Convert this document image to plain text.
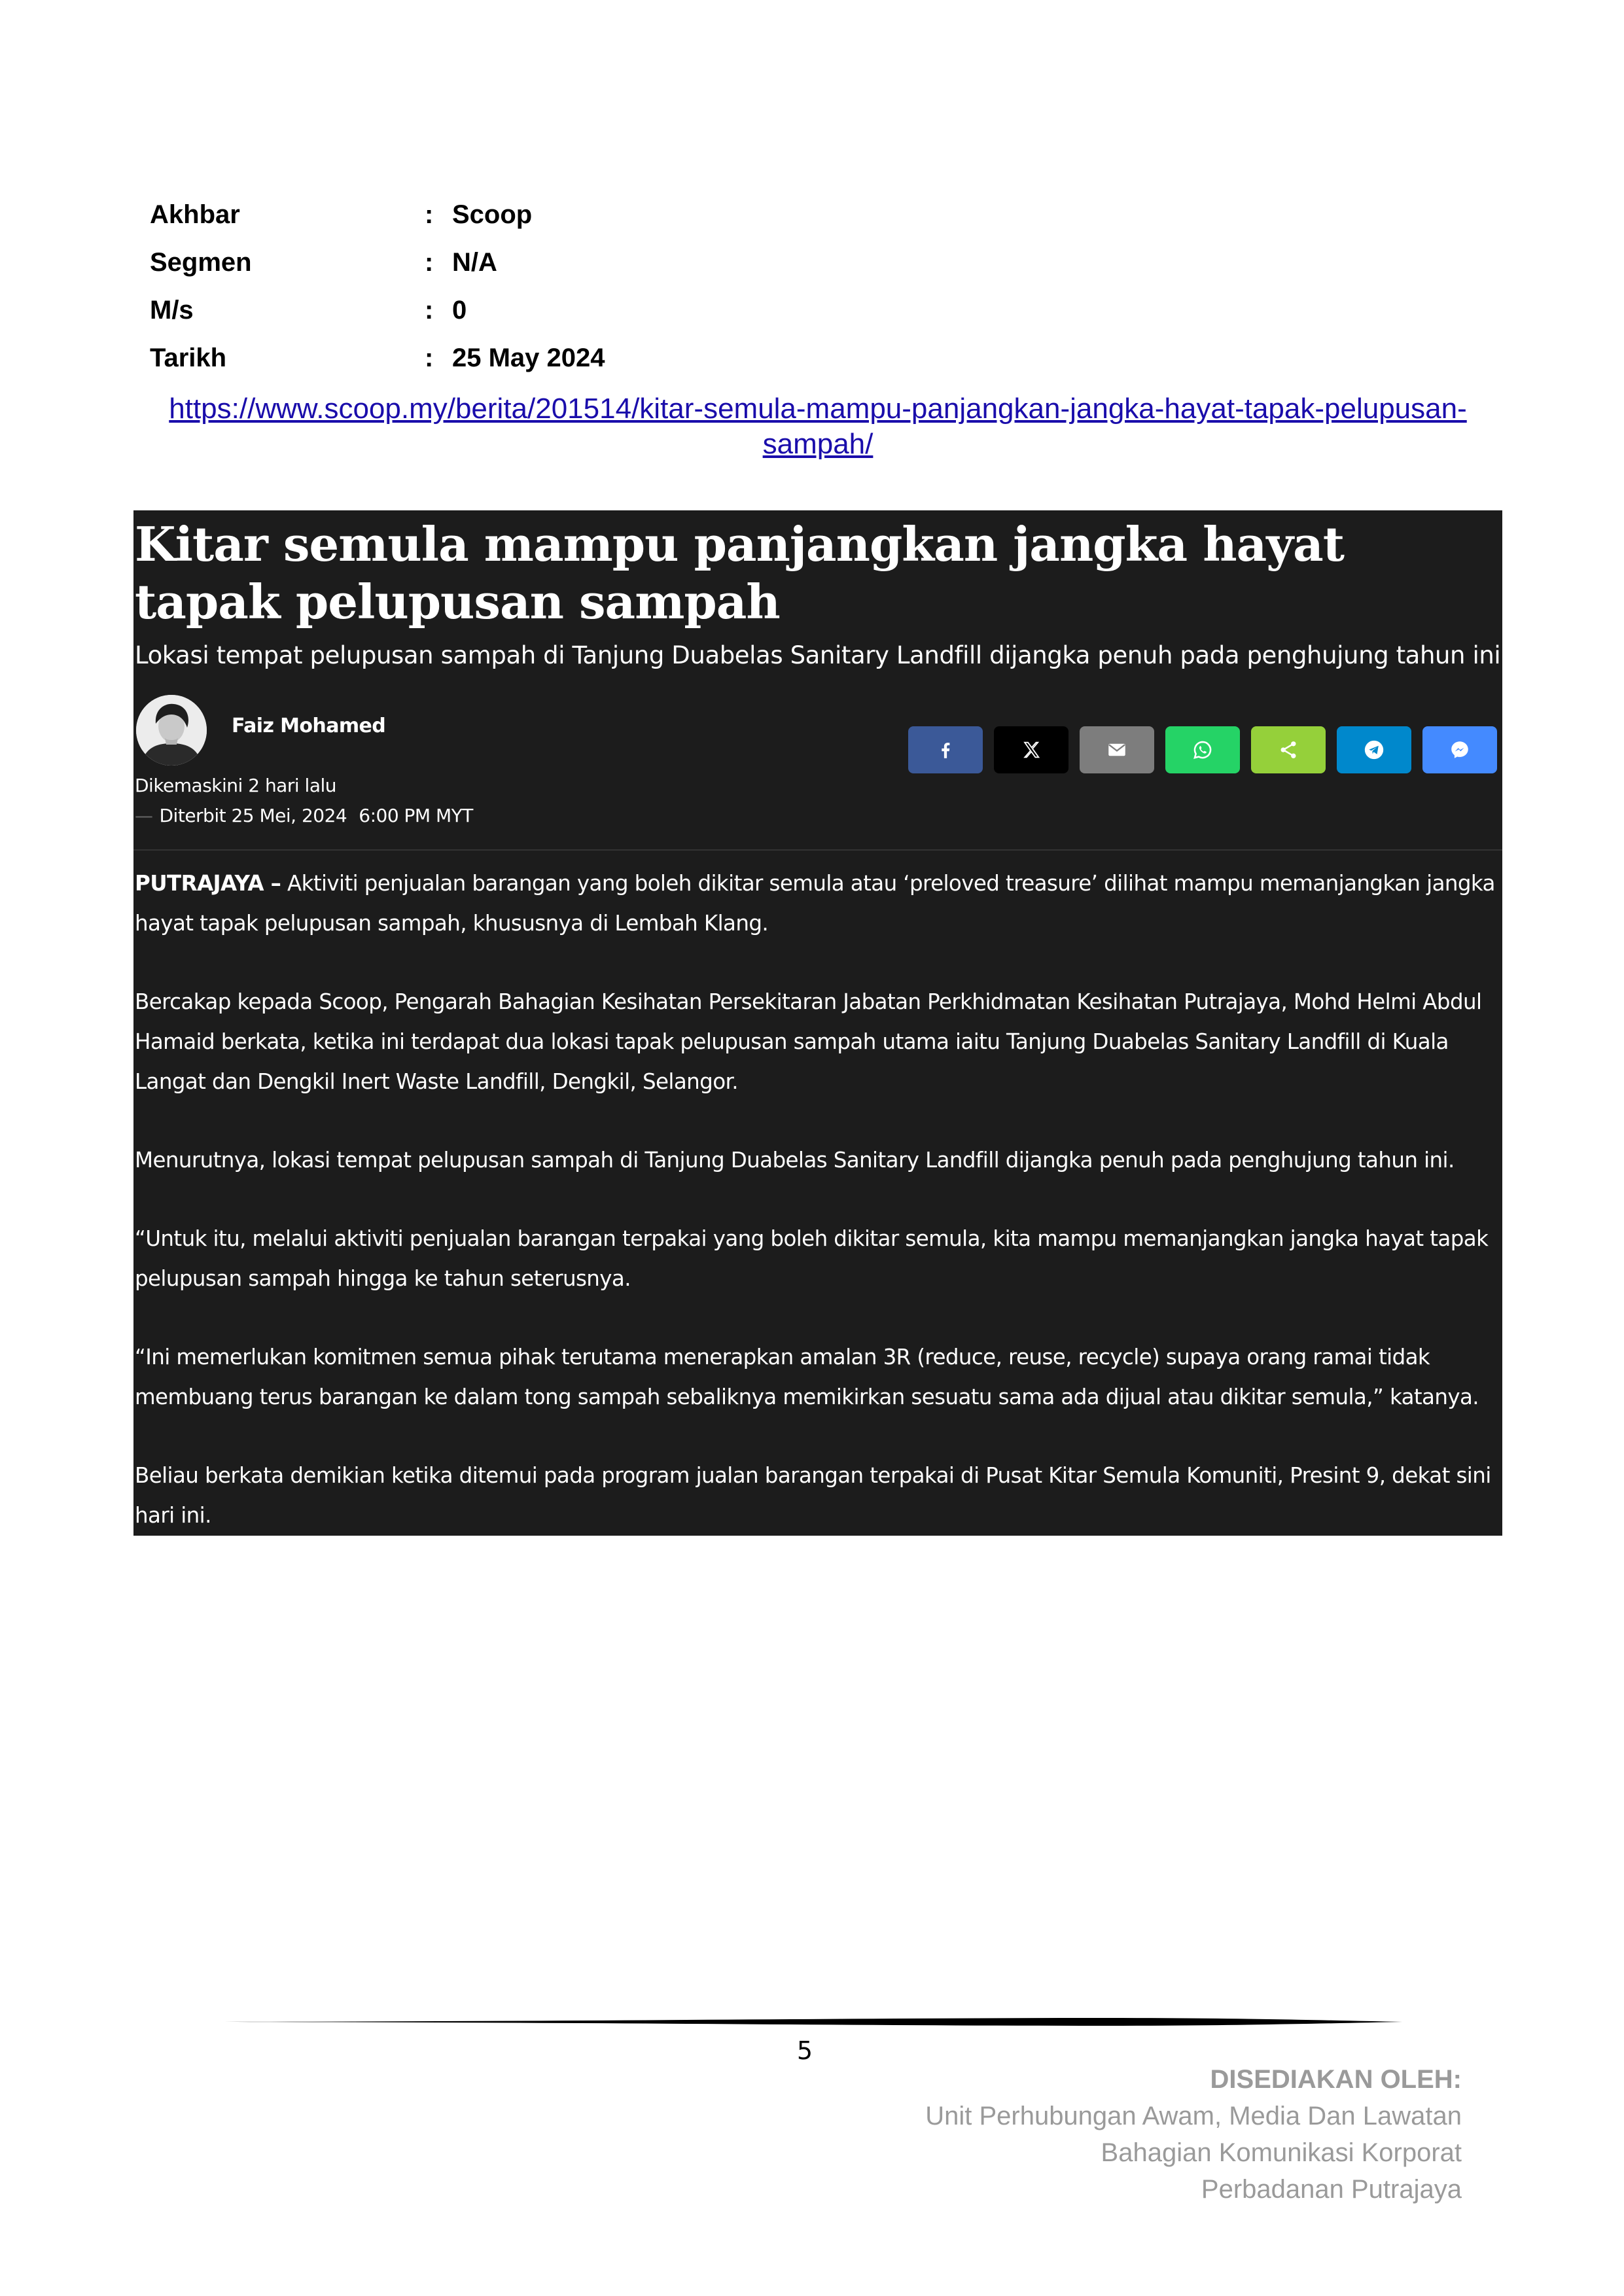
Akhbar	: Scoop
Segmen	: N/A
M/s	: 0
Tarikh	: 25 May 2024
https://www.scoop.my/berita/201514/kitar-semula-mampu-panjangkan-jangka-hayat-tapak-pelupusan-
sampah/
Kitar semula mampu panjangkan jangka hayat tapak pelupusan sampah

Lokasi tempat pelupusan sampah di Tanjung Duabelas Sanitary Landfill dijangka penuh pada penghujung tahun ini

Faiz Mohamed
Dikemaskini 2 hari lalu
— Diterbit 25 Mei, 2024 6:00 PM MYT

PUTRAJAYA – Aktiviti penjualan barangan yang boleh dikitar semula atau ‘preloved treasure’ dilihat mampu memanjangkan jangka hayat tapak pelupusan sampah, khususnya di Lembah Klang.

Bercakap kepada Scoop, Pengarah Bahagian Kesihatan Persekitaran Jabatan Perkhidmatan Kesihatan Putrajaya, Mohd Helmi Abdul Hamaid berkata, ketika ini terdapat dua lokasi tapak pelupusan sampah utama iaitu Tanjung Duabelas Sanitary Landfill di Kuala Langat dan Dengkil Inert Waste Landfill, Dengkil, Selangor.

Menurutnya, lokasi tempat pelupusan sampah di Tanjung Duabelas Sanitary Landfill dijangka penuh pada penghujung tahun ini.

“Untuk itu, melalui aktiviti penjualan barangan terpakai yang boleh dikitar semula, kita mampu memanjangkan jangka hayat tapak pelupusan sampah hingga ke tahun seterusnya.

“Ini memerlukan komitmen semua pihak terutama menerapkan amalan 3R (reduce, reuse, recycle) supaya orang ramai tidak membuang terus barangan ke dalam tong sampah sebaliknya memikirkan sesuatu sama ada dijual atau dikitar semula,” katanya.

Beliau berkata demikian ketika ditemui pada program jualan barangan terpakai di Pusat Kitar Semula Komuniti, Presint 9, dekat sini hari ini.

5
DISEDIAKAN OLEH:
Unit Perhubungan Awam, Media Dan Lawatan
Bahagian Komunikasi Korporat
Perbadanan Putrajaya
